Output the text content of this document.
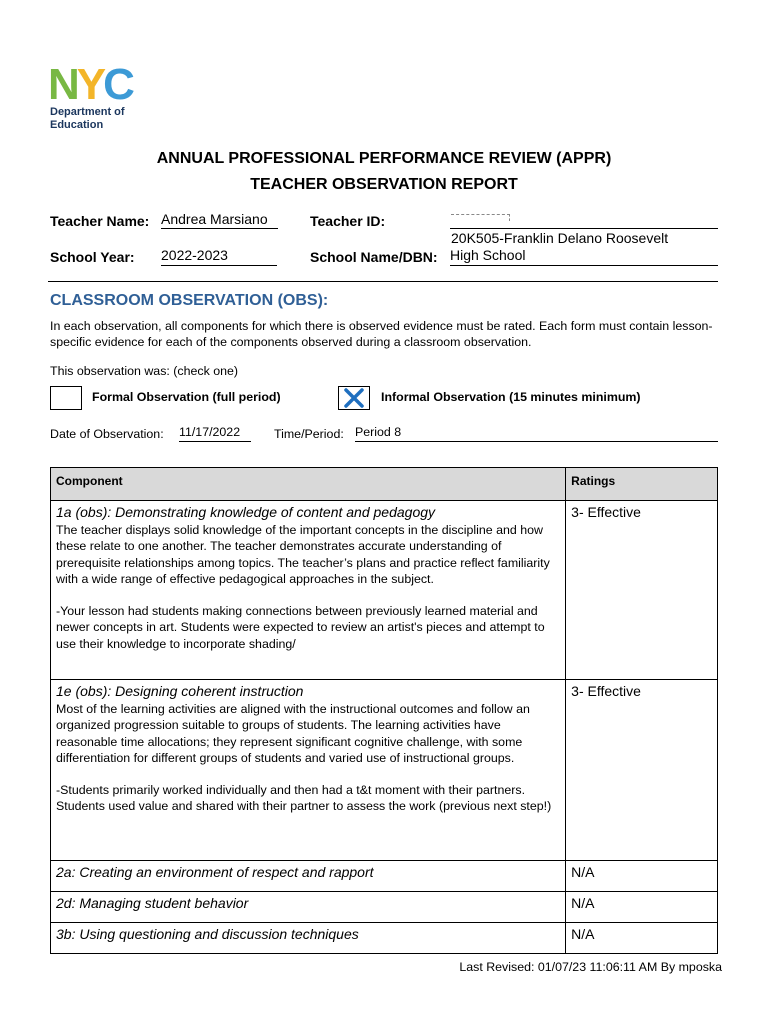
NYC
Department of
Education
ANNUAL PROFESSIONAL PERFORMANCE REVIEW (APPR)
TEACHER OBSERVATION REPORT
Teacher Name: Andrea Marsiano	Teacher ID:
School Year: 2022-2023	School Name/DBN:
20K505-Franklin Delano Roosevelt
High School
CLASSROOM OBSERVATION (OBS):
In each observation, all components for which there is observed evidence must be rated. Each form must contain lesson-specific evidence for each of the components observed during a classroom observation.
This observation was: (check one)
Formal Observation (full period)	Informal Observation (15 minutes minimum)
Date of Observation: 11/17/2022	Time/Period: Period 8
Component	Ratings

1a (obs): Demonstrating knowledge of content and pedagogy
The teacher displays solid knowledge of the important concepts in the discipline and how these relate to one another. The teacher demonstrates accurate understanding of prerequisite relationships among topics. The teacher’s plans and practice reflect familiarity with a wide range of effective pedagogical approaches in the subject.
-Your lesson had students making connections between previously learned material and newer concepts in art. Students were expected to review an artist's pieces and attempt to use their knowledge to incorporate shading/	3- Effective

1e (obs): Designing coherent instruction
Most of the learning activities are aligned with the instructional outcomes and follow an organized progression suitable to groups of students. The learning activities have reasonable time allocations; they represent significant cognitive challenge, with some differentiation for different groups of students and varied use of instructional groups.
-Students primarily worked individually and then had a t&t moment with their partners. Students used value and shared with their partner to assess the work (previous next step!)	3- Effective

2a: Creating an environment of respect and rapport	N/A

2d: Managing student behavior	N/A

3b: Using questioning and discussion techniques	N/A
Last Revised: 01/07/23 11:06:11 AM By mposka
